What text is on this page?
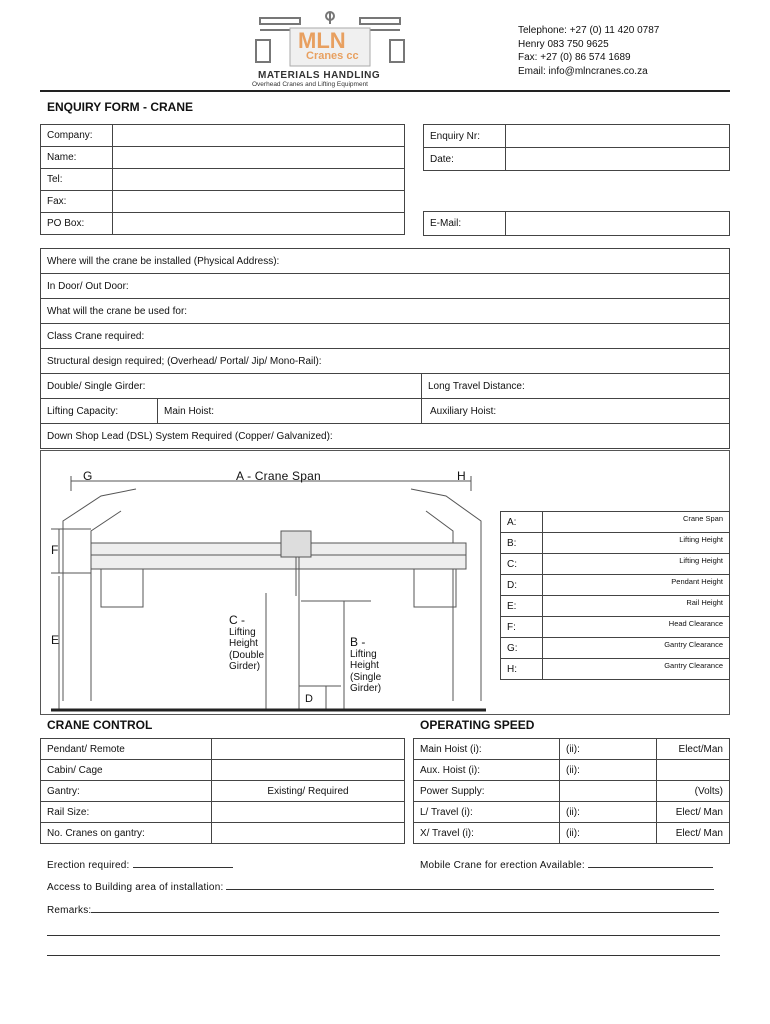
Telephone: +27 (0) 11 420 0787
Henry 083 750 9625
Fax: +27 (0) 86 574 1689
Email: info@mlncranes.co.za
MLN
Cranes cc
MATERIALS HANDLING
Overhead Cranes and Lifting Equipment
ENQUIRY FORM - CRANE
Company:	
Name:	
Tel:	
Fax:	
PO Box:	
Enquiry Nr:	
Date:	
E-Mail:	
Where will the crane be installed (Physical Address):		
In Door/ Out Door:		
What will the crane be used for:		
Class Crane required:		
Structural design required; (Overhead/ Portal/ Jip/ Mono-Rail):		
Double/ Single Girder:		Long Travel Distance:
Lifting Capacity:	Main Hoist:	Auxiliary Hoist:
Down Shop Lead (DSL) System Required (Copper/ Galvanized):		
G	A - Crane Span	H
F
E
C -
Lifting
Height
(Double
Girder)
B -
Lifting
Height
(Single
Girder)
D
A:	Crane Span
B:	Lifting Height
C:	Lifting Height
D:	Pendant Height
E:	Rail Height
F:	Head Clearance
G:	Gantry Clearance
H:	Gantry Clearance
CRANE CONTROL
Pendant/ Remote	
Cabin/ Cage	
Gantry:	Existing/ Required
Rail Size:	
No. Cranes on gantry:	
OPERATING SPEED
Main Hoist (i):	(ii):	Elect/Man
Aux. Hoist (i):	(ii):	
Power Supply:		(Volts)
L/ Travel (i):	(ii):	Elect/ Man
X/ Travel (i):	(ii):	Elect/ Man
Erection required:	Mobile Crane for erection Available:
Access to Building area of installation:
Remarks:
